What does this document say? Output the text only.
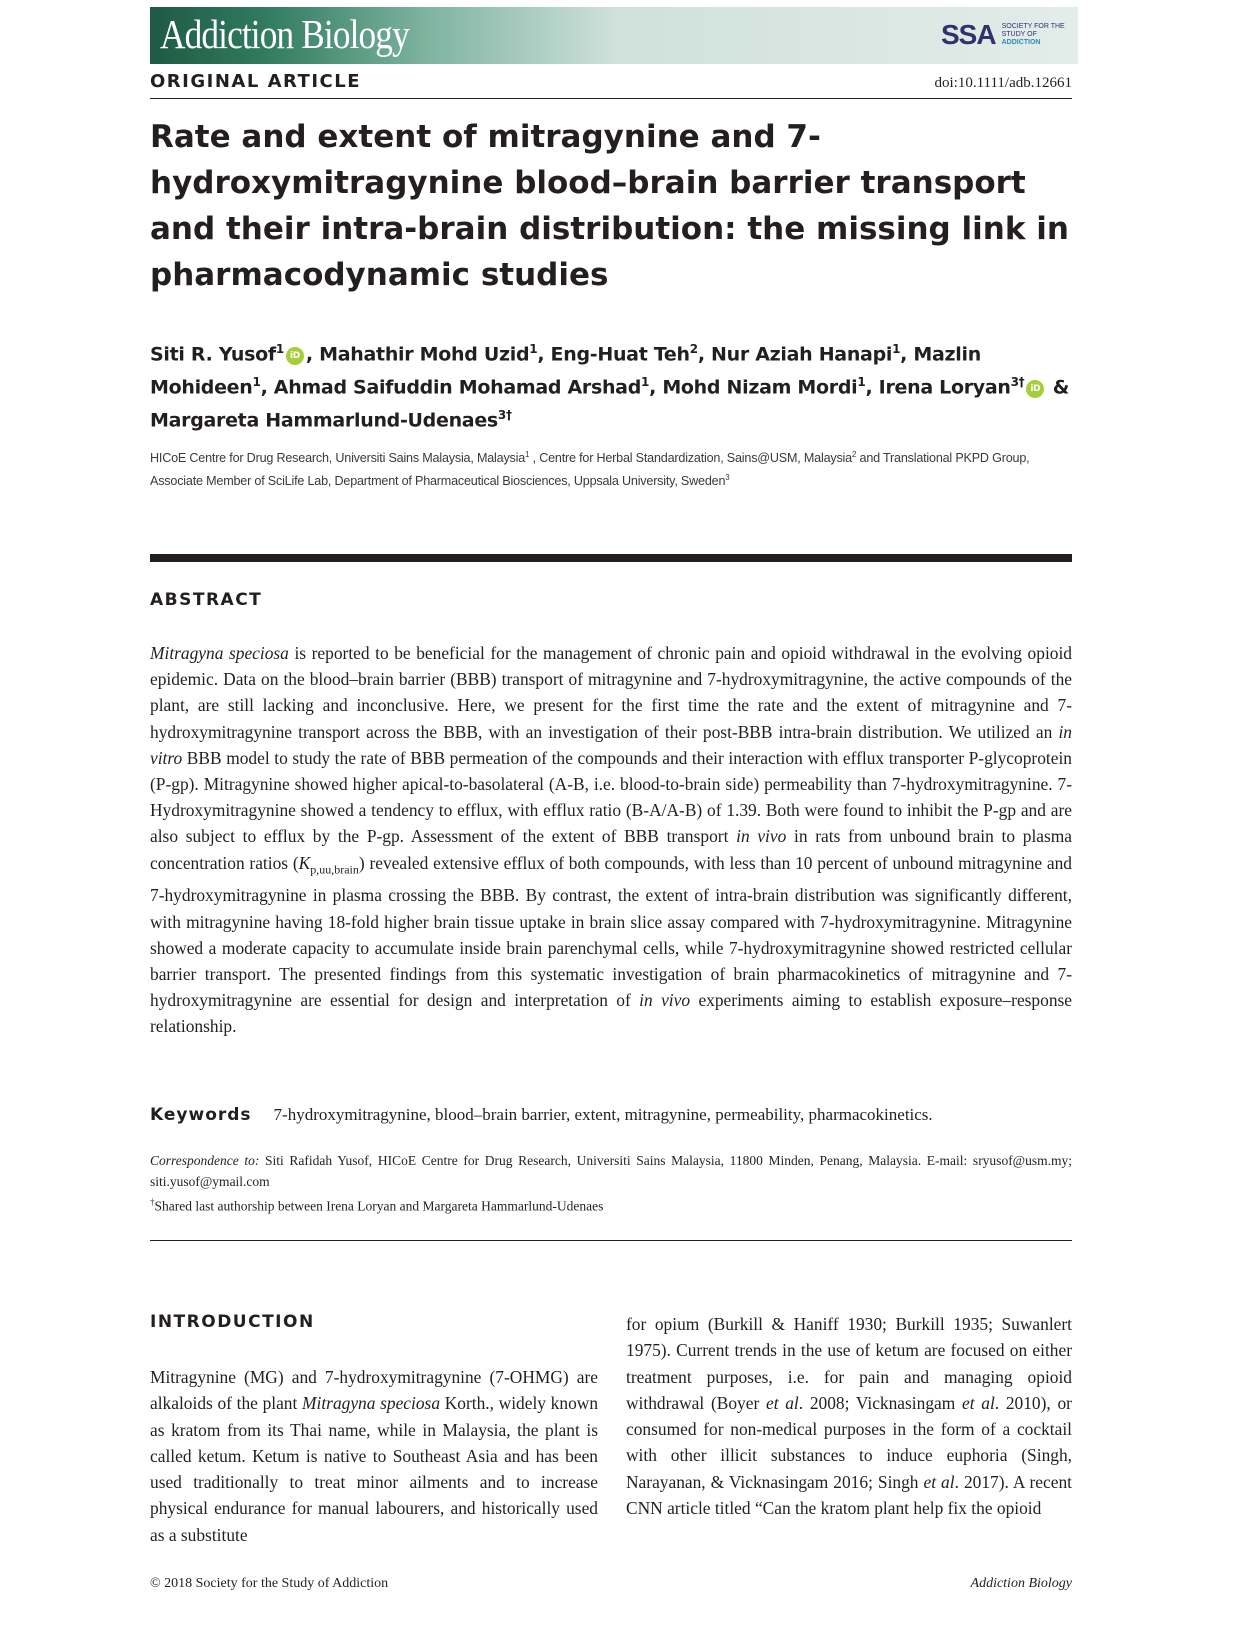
Addiction Biology	SSA SOCIETY FOR THE
STUDY OF
ADDICTION
ORIGINAL ARTICLE	doi:10.1111/adb.12661
Rate and extent of mitragynine and 7-hydroxymitragynine blood–brain barrier transport and their intra-brain distribution: the missing link in pharmacodynamic studies
Siti R. Yusof$^1$iD , Mahathir Mohd Uzid$^1$, Eng-Huat Teh$^2$, Nur Aziah Hanapi$^1$, Mazlin Mohideen$^1$, Ahmad Saifuddin Mohamad Arshad$^1$, Mohd Nizam Mordi$^1$, Irena Loryan$^{3\dagger}$iD & Margareta Hammarlund-Udenaes$^{3\dagger}$
HICoE Centre for Drug Research, Universiti Sains Malaysia, Malaysia$^1$ , Centre for Herbal Standardization, Sains@USM, Malaysia$^2$ and Translational PKPD Group, Associate Member of SciLife Lab, Department of Pharmaceutical Biosciences, Uppsala University, Sweden$^3$
ABSTRACT

Mitragyna speciosa is reported to be beneficial for the management of chronic pain and opioid withdrawal in the evolving opioid epidemic. Data on the blood–brain barrier (BBB) transport of mitragynine and 7-hydroxymitragynine, the active compounds of the plant, are still lacking and inconclusive. Here, we present for the first time the rate and the extent of mitragynine and 7-hydroxymitragynine transport across the BBB, with an investigation of their post-BBB intra-brain distribution. We utilized an in vitro BBB model to study the rate of BBB permeation of the compounds and their interaction with efflux transporter P-glycoprotein (P-gp). Mitragynine showed higher apical-to-basolateral (A-B, i.e. blood-to-brain side) permeability than 7-hydroxymitragynine. 7-Hydroxymitragynine showed a tendency to efflux, with efflux ratio (B-A/A-B) of 1.39. Both were found to inhibit the P-gp and are also subject to efflux by the P-gp. Assessment of the extent of BBB transport in vivo in rats from unbound brain to plasma concentration ratios $(K_{p,uu,brain})$ revealed extensive efflux of both compounds, with less than 10 percent of unbound mitragynine and 7-hydroxymitragynine in plasma crossing the BBB. By contrast, the extent of intra-brain distribution was significantly different, with mitragynine having 18-fold higher brain tissue uptake in brain slice assay compared with 7-hydroxymitragynine. Mitragynine showed a moderate capacity to accumulate inside brain parenchymal cells, while 7-hydroxymitragynine showed restricted cellular barrier transport. The presented findings from this systematic investigation of brain pharmacokinetics of mitragynine and 7-hydroxymitragynine are essential for design and interpretation of in vivo experiments aiming to establish exposure–response relationship.

Keywords 7-hydroxymitragynine, blood–brain barrier, extent, mitragynine, permeability, pharmacokinetics.

Correspondence to: Siti Rafidah Yusof, HICoE Centre for Drug Research, Universiti Sains Malaysia, 11800 Minden, Penang, Malaysia. E-mail: sryusof@usm.my; siti.yusof@ymail.com

†Shared last authorship between Irena Loryan and Margareta Hammarlund-Udenaes

INTRODUCTION

Mitragynine (MG) and 7-hydroxymitragynine (7-OHMG) are alkaloids of the plant Mitragyna speciosa Korth., widely known as kratom from its Thai name, while in Malaysia, the plant is called ketum. Ketum is native to Southeast Asia and has been used traditionally to treat minor ailments and to increase physical endurance for manual labourers, and historically used as a substitute

for opium (Burkill & Haniff 1930; Burkill 1935; Suwanlert 1975). Current trends in the use of ketum are focused on either treatment purposes, i.e. for pain and managing opioid withdrawal (Boyer et al. 2008; Vicknasingam et al. 2010), or consumed for non-medical purposes in the form of a cocktail with other illicit substances to induce euphoria (Singh, Narayanan, & Vicknasingam 2016; Singh et al. 2017). A recent CNN article titled “Can the kratom plant help fix the opioid

© 2018 Society for the Study of Addiction	Addiction Biology
